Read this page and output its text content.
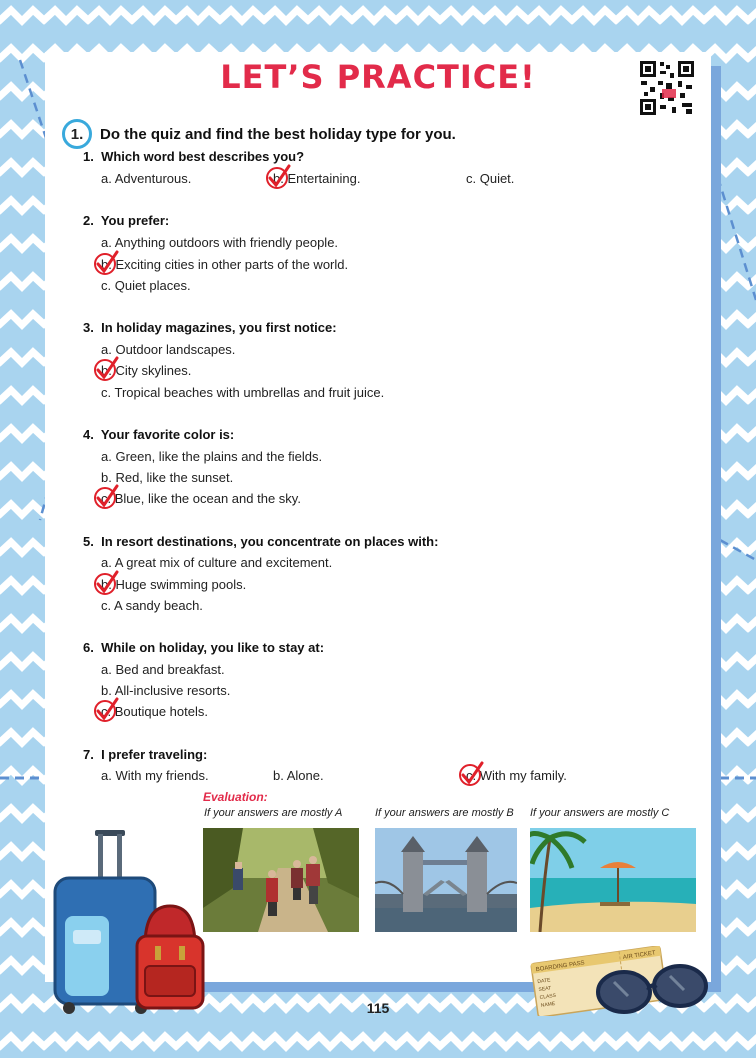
LET’S PRACTICE!
1.	Do the quiz and find the best holiday type for you.
1. Which word best describes you?
a. Adventurous.	b. Entertaining.	c. Quiet.
2. You prefer:
a. Anything outdoors with friendly people.
b. Exciting cities in other parts of the world.
c. Quiet places.
3. In holiday magazines, you first notice:
a. Outdoor landscapes.
b. City skylines.
c. Tropical beaches with umbrellas and fruit juice.
4. Your favorite color is:
a. Green, like the plains and the fields.
b. Red, like the sunset.
c. Blue, like the ocean and the sky.
5. In resort destinations, you concentrate on places with:
a. A great mix of culture and excitement.
b. Huge swimming pools.
c. A sandy beach.
6. While on holiday, you like to stay at:
a. Bed and breakfast.
b. All-inclusive resorts.
c. Boutique hotels.
7. I prefer traveling:
a. With my friends.	b. Alone.	c. With my family.
Evaluation:
If your answers are mostly A	If your answers are mostly B If your answers are mostly C
BOARDING PASS
AIR TICKET
DATE
SEAT
CLASS
NAME
115
